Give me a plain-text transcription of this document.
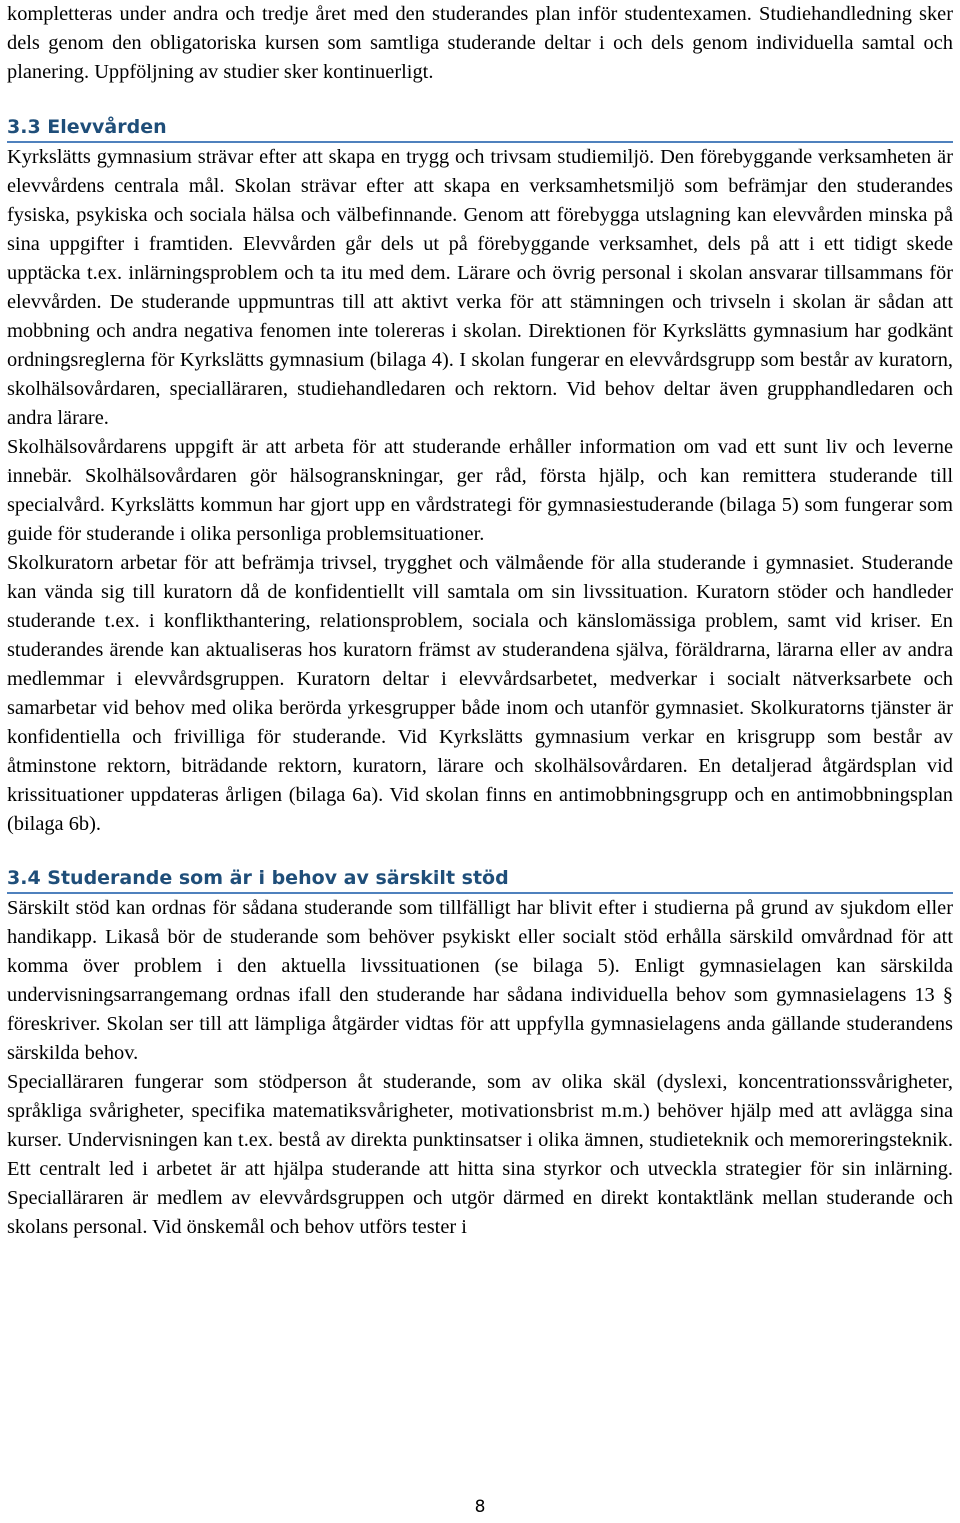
kompletteras under andra och tredje året med den studerandes plan inför studentexamen. Studiehandledning sker dels genom den obligatoriska kursen som samtliga studerande deltar i och dels genom individuella samtal och planering. Uppföljning av studier sker kontinuerligt.

3.3 Elevvården

Kyrkslätts gymnasium strävar efter att skapa en trygg och trivsam studiemiljö. Den förebyggande verksamheten är elevvårdens centrala mål. Skolan strävar efter att skapa en verksamhetsmiljö som befrämjar den studerandes fysiska, psykiska och sociala hälsa och välbefinnande. Genom att förebygga utslagning kan elevvården minska på sina uppgifter i framtiden. Elevvården går dels ut på förebyggande verksamhet, dels på att i ett tidigt skede upptäcka t.ex. inlärningsproblem och ta itu med dem. Lärare och övrig personal i skolan ansvarar tillsammans för elevvården. De studerande uppmuntras till att aktivt verka för att stämningen och trivseln i skolan är sådan att mobbning och andra negativa fenomen inte tolereras i skolan. Direktionen för Kyrkslätts gymnasium har godkänt ordningsreglerna för Kyrkslätts gymnasium (bilaga 4). I skolan fungerar en elevvårdsgrupp som består av kuratorn, skolhälsovårdaren, specialläraren, studiehandledaren och rektorn. Vid behov deltar även grupphandledaren och andra lärare.

Skolhälsovårdarens uppgift är att arbeta för att studerande erhåller information om vad ett sunt liv och leverne innebär. Skolhälsovårdaren gör hälsogranskningar, ger råd, första hjälp, och kan remittera studerande till specialvård. Kyrkslätts kommun har gjort upp en vårdstrategi för gymnasiestuderande (bilaga 5) som fungerar som guide för studerande i olika personliga problemsituationer.

Skolkuratorn arbetar för att befrämja trivsel, trygghet och välmående för alla studerande i gymnasiet. Studerande kan vända sig till kuratorn då de konfidentiellt vill samtala om sin livssituation. Kuratorn stöder och handleder studerande t.ex. i konflikthantering, relationsproblem, sociala och känslomässiga problem, samt vid kriser. En studerandes ärende kan aktualiseras hos kuratorn främst av studerandena själva, föräldrarna, lärarna eller av andra medlemmar i elevvårdsgruppen. Kuratorn deltar i elevvårdsarbetet, medverkar i socialt nätverksarbete och samarbetar vid behov med olika berörda yrkesgrupper både inom och utanför gymnasiet. Skolkuratorns tjänster är konfidentiella och frivilliga för studerande. Vid Kyrkslätts gymnasium verkar en krisgrupp som består av åtminstone rektorn, biträdande rektorn, kuratorn, lärare och skolhälsovårdaren. En detaljerad åtgärdsplan vid krissituationer uppdateras årligen (bilaga 6a). Vid skolan finns en antimobbningsgrupp och en antimobbningsplan (bilaga 6b).

3.4 Studerande som är i behov av särskilt stöd

Särskilt stöd kan ordnas för sådana studerande som tillfälligt har blivit efter i studierna på grund av sjukdom eller handikapp. Likaså bör de studerande som behöver psykiskt eller socialt stöd erhålla särskild omvårdnad för att komma över problem i den aktuella livssituationen (se bilaga 5). Enligt gymnasielagen kan särskilda undervisningsarrangemang ordnas ifall den studerande har sådana individuella behov som gymnasielagens 13 § föreskriver. Skolan ser till att lämpliga åtgärder vidtas för att uppfylla gymnasielagens anda gällande studerandens särskilda behov.

Specialläraren fungerar som stödperson åt studerande, som av olika skäl (dyslexi, koncentrationssvårigheter, språkliga svårigheter, specifika matematiksvårigheter, motivationsbrist m.m.) behöver hjälp med att avlägga sina kurser. Undervisningen kan t.ex. bestå av direkta punktinsatser i olika ämnen, studieteknik och memoreringsteknik. Ett centralt led i arbetet är att hjälpa studerande att hitta sina styrkor och utveckla strategier för sin inlärning. Specialläraren är medlem av elevvårdsgruppen och utgör därmed en direkt kontaktlänk mellan studerande och skolans personal. Vid önskemål och behov utförs tester i

8
